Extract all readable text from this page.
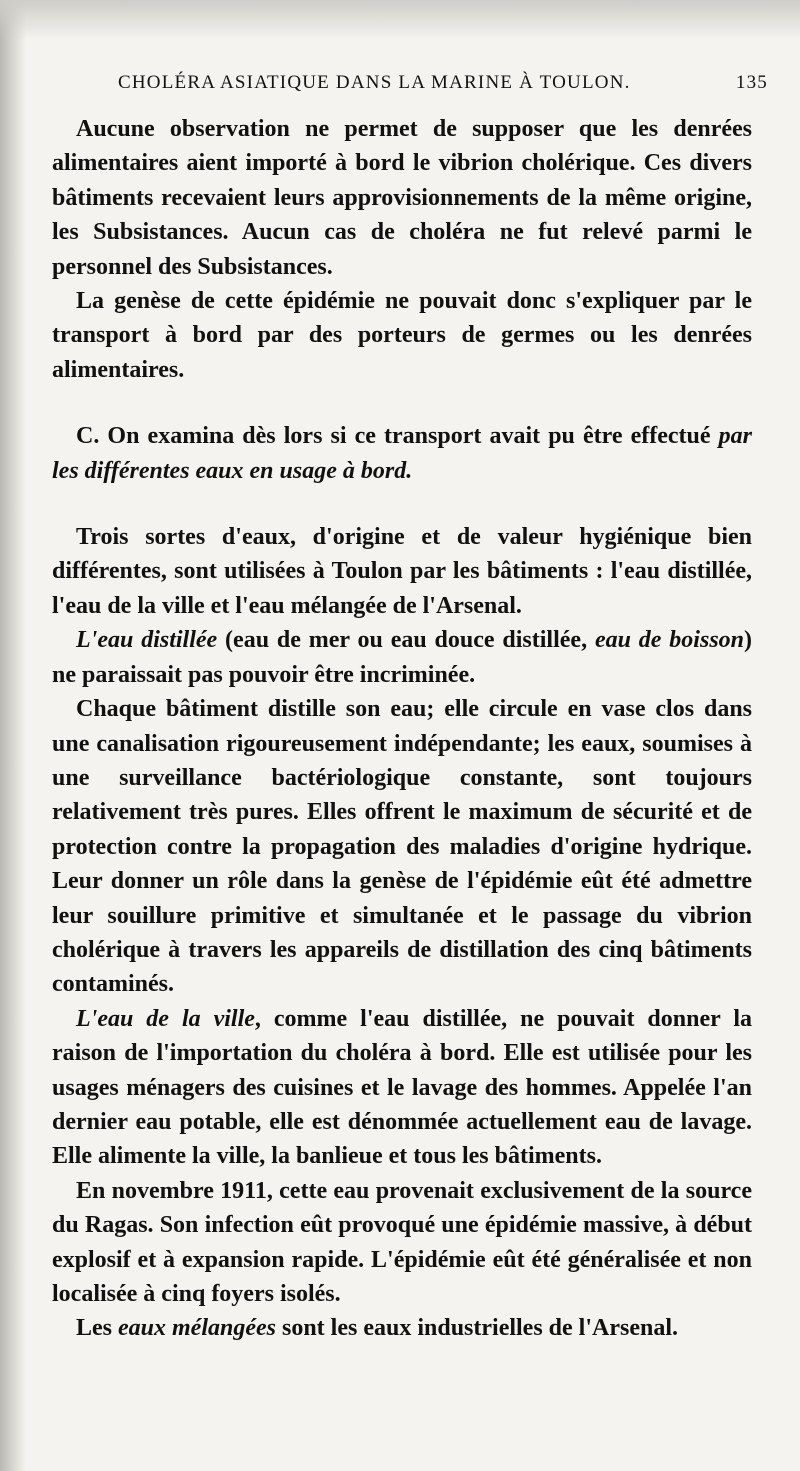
CHOLÉRA ASIATIQUE DANS LA MARINE À TOULON.	135

Aucune observation ne permet de supposer que les denrées alimentaires aient importé à bord le vibrion cholérique. Ces divers bâtiments recevaient leurs approvisionnements de la même origine, les Subsistances. Aucun cas de choléra ne fut relevé parmi le personnel des Subsistances.

La genèse de cette épidémie ne pouvait donc s'expliquer par le transport à bord par des porteurs de germes ou les denrées alimentaires.

C. On examina dès lors si ce transport avait pu être effectué par les différentes eaux en usage à bord.

Trois sortes d'eaux, d'origine et de valeur hygiénique bien différentes, sont utilisées à Toulon par les bâtiments : l'eau distillée, l'eau de la ville et l'eau mélangée de l'Arsenal.

L'eau distillée (eau de mer ou eau douce distillée, eau de boisson) ne paraissait pas pouvoir être incriminée.

Chaque bâtiment distille son eau; elle circule en vase clos dans une canalisation rigoureusement indépendante; les eaux, soumises à une surveillance bactériologique constante, sont toujours relativement très pures. Elles offrent le maximum de sécurité et de protection contre la propagation des maladies d'origine hydrique. Leur donner un rôle dans la genèse de l'épidémie eût été admettre leur souillure primitive et simultanée et le passage du vibrion cholérique à travers les appareils de distillation des cinq bâtiments contaminés.

L'eau de la ville, comme l'eau distillée, ne pouvait donner la raison de l'importation du choléra à bord. Elle est utilisée pour les usages ménagers des cuisines et le lavage des hommes. Appelée l'an dernier eau potable, elle est dénommée actuellement eau de lavage. Elle alimente la ville, la banlieue et tous les bâtiments.

En novembre 1911, cette eau provenait exclusivement de la source du Ragas. Son infection eût provoqué une épidémie massive, à début explosif et à expansion rapide. L'épidémie eût été généralisée et non localisée à cinq foyers isolés.

Les eaux mélangées sont les eaux industrielles de l'Arsenal.
